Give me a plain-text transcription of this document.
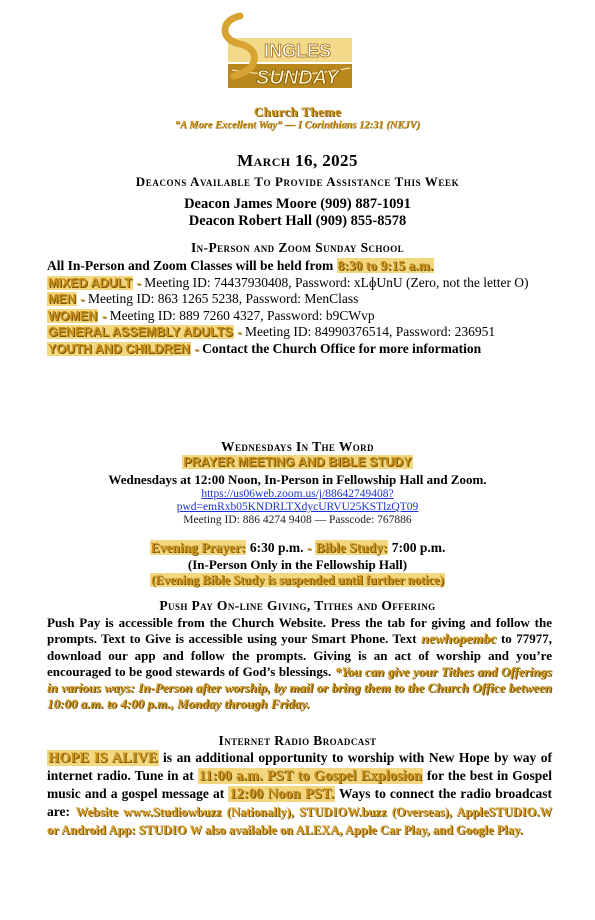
INGLES
SUNDAY
Church Theme
“A More Excellent Way” — I Corinthians 12:31 (NKJV)
March 16, 2025
Deacons Available To Provide Assistance This Week
Deacon James Moore (909) 887-1091
Deacon Robert Hall (909) 855-8578
In-Person and Zoom Sunday School
All In-Person and Zoom Classes will be held from 8:30 to 9:15 a.m.
MIXED ADULT - Meeting ID: 74437930408, Password: xLɸUnU (Zero, not the letter O)
MEN - Meeting ID: 863 1265 5238, Password: MenClass
WOMEN - Meeting ID: 889 7260 4327, Password: b9CWvp
GENERAL ASSEMBLY ADULTS - Meeting ID: 84990376514, Password: 236951
YOUTH AND CHILDREN - Contact the Church Office for more information
Wednesdays In The Word
PRAYER MEETING AND BIBLE STUDY
Wednesdays at 12:00 Noon, In-Person in Fellowship Hall and Zoom.
https://us06web.zoom.us/j/88642749408?
pwd=emRxb05KNDRLTXdycURVU25KSTlzQT09
Meeting ID: 886 4274 9408 — Passcode: 767886
Evening Prayer: 6:30 p.m. - Bible Study: 7:00 p.m.
(In-Person Only in the Fellowship Hall)
(Evening Bible Study is suspended until further notice)
Push Pay On-line Giving, Tithes and Offering
Push Pay is accessible from the Church Website. Press the tab for giving and follow the prompts. Text to Give is accessible using your Smart Phone. Text newhopembc to 77977, download our app and follow the prompts. Giving is an act of worship and you’re encouraged to be good stewards of God’s blessings. *You can give your Tithes and Offerings in various ways: In-Person after worship, by mail or bring them to the Church Office between 10:00 a.m. to 4:00 p.m., Monday through Friday.
Internet Radio Broadcast
HOPE IS ALIVE is an additional opportunity to worship with New Hope by way of internet radio. Tune in at 11:00 a.m. PST to Gospel Explosion for the best in Gospel music and a gospel message at 12:00 Noon PST. Ways to connect the radio broadcast are: Website www.Studiowbuzz (Nationally), STUDIOW.buzz (Overseas), AppleSTUDIO.W or Android App: STUDIO W also available on ALEXA, Apple Car Play, and Google Play.
